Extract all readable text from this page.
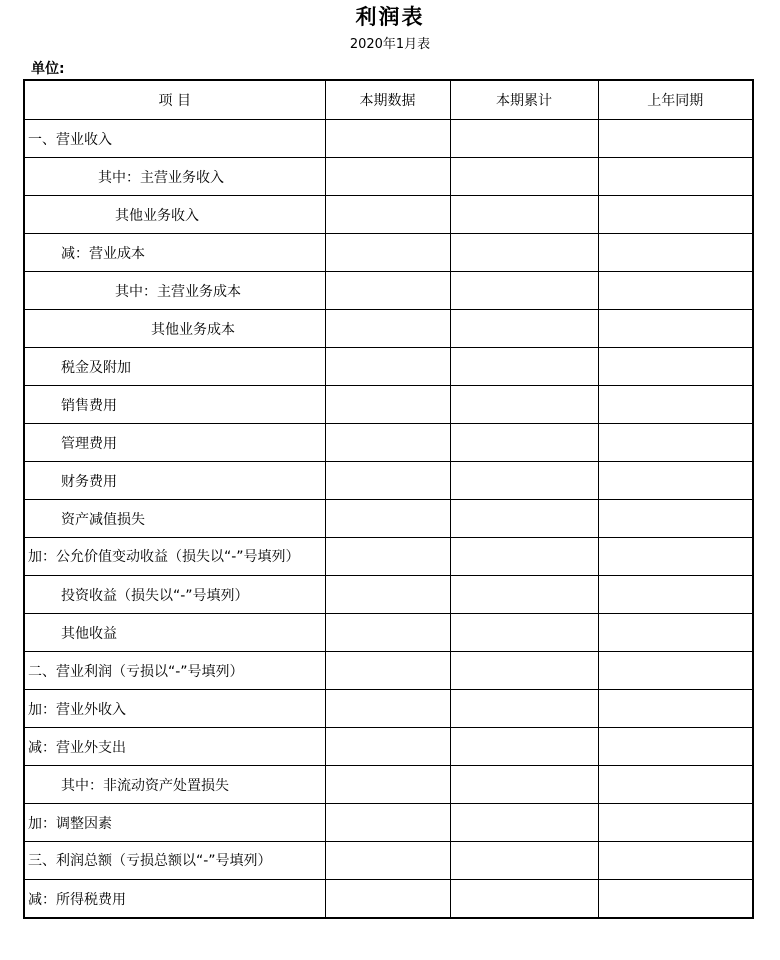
利润表
2020年1月表
单位:
项 目	本期数据	本期累计	上年同期
一、营业收入			
其中：主营业务收入			
其他业务收入			
减：营业成本			
其中：主营业务成本			
其他业务成本			
税金及附加			
销售费用			
管理费用			
财务费用			
资产减值损失			
加：公允价值变动收益（损失以“-”号填列）			
投资收益（损失以“-”号填列）			
其他收益			
二、营业利润（亏损以“-”号填列）			
加：营业外收入			
减：营业外支出			
其中：非流动资产处置损失			
加：调整因素			
三、利润总额（亏损总额以“-”号填列）			
减：所得税费用			
